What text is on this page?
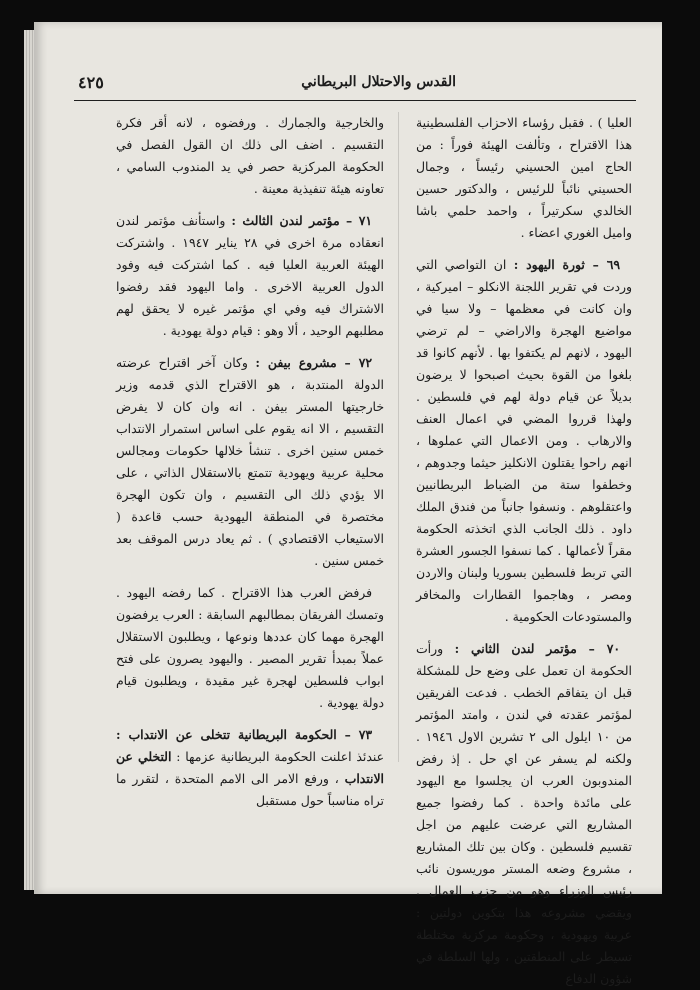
القدس والاحتلال البريطاني
٤٢٥

العليا ) . فقبل رؤساء الاحزاب الفلسطينية هذا الاقتراح ، وتألفت الهيئة فوراً : من الحاج امين الحسيني رئيساً ، وجمال الحسيني نائباً للرئيس ، والدكتور حسين الخالدي سكرتيراً ، واحمد حلمي باشا واميل الغوري اعضاء .

٦٩ – ثورة اليهود : ان التواصي التي وردت في تقرير اللجنة الانكلو – اميركية ، وان كانت في معظمها – ولا سيا في مواضيع الهجرة والاراضي – لم ترضي اليهود ، لانهم لم يكتفوا بها . لأنهم كانوا قد بلغوا من القوة بحيث اصبحوا لا يرضون بديلاً عن قيام دولة لهم في فلسطين . ولهذا قرروا المضي في اعمال العنف والارهاب . ومن الاعمال التي عملوها ، انهم راحوا يقتلون الانكليز حيثما وجدوهم ، وخطفوا ستة من الضباط البريطانيين واعتقلوهم . ونسفوا جانباً من فندق الملك داود . ذلك الجانب الذي اتخذته الحكومة مقراً لأعمالها . كما نسفوا الجسور العشرة التي تربط فلسطين بسوريا ولبنان والاردن ومصر ، وهاجموا القطارات والمخافر والمستودعات الحكومية .

٧٠ – مؤتمر لندن الثاني : ورأت الحكومة ان تعمل على وضع حل للمشكلة قبل ان يتفاقم الخطب . فدعت الفريقين لمؤتمر عقدته في لندن ، وامتد المؤتمر من ١٠ ايلول الى ٢ تشرين الاول ١٩٤٦ . ولكنه لم يسفر عن اي حل . إذ رفض المندوبون العرب ان يجلسوا مع اليهود على مائدة واحدة . كما رفضوا جميع المشاريع التي عرضت عليهم من اجل تقسيم فلسطين . وكان بين تلك المشاريع ، مشروع وضعه المستر موريسون نائب رئيس الوزراء وهو من حزب العمال . ويقضي مشروعه هذا بتكوين دولتين : عربية ويهودية ، وحكومة مركزية مختلطة تسيطر على المنطقتين ، ولها السلطة في شؤون الدفاع

والخارجية والجمارك . ورفضوه ، لانه أقر فكرة التقسيم . اضف الى ذلك ان القول الفصل في الحكومة المركزية حصر في يد المندوب السامي ، تعاونه هيئة تنفيذية معينة .

٧١ – مؤتمر لندن الثالث : واستأنف مؤتمر لندن انعقاده مرة اخرى في ٢٨ يناير ١٩٤٧ . واشتركت الهيئة العربية العليا فيه . كما اشتركت فيه وفود الدول العربية الاخرى . واما اليهود فقد رفضوا الاشتراك فيه وفي اي مؤتمر غيره لا يحقق لهم مطلبهم الوحيد ، ألا وهو : قيام دولة يهودية .

٧٢ – مشروع بيفن : وكان آخر اقتراح عرضته الدولة المنتدبة ، هو الاقتراح الذي قدمه وزير خارجيتها المستر بيفن . انه وان كان لا يفرض التقسيم ، الا انه يقوم على اساس استمرار الانتداب خمس سنين اخرى . تنشأ خلالها حكومات ومجالس محلية عربية ويهودية تتمتع بالاستقلال الذاتي ، على الا يؤدي ذلك الى التقسيم ، وان تكون الهجرة مختصرة في المنطقة اليهودية حسب قاعدة ( الاستيعاب الاقتصادي ) . ثم يعاد درس الموقف بعد خمس سنين .

فرفض العرب هذا الاقتراح . كما رفضه اليهود . وتمسك الفريقان بمطالبهم السابقة : العرب يرفضون الهجرة مهما كان عددها ونوعها ، ويطلبون الاستقلال عملاً بمبدأ تقرير المصير . واليهود يصرون على فتح ابواب فلسطين لهجرة غير مقيدة ، ويطلبون قيام دولة يهودية .

٧٣ – الحكومة البريطانية تتخلى عن الانتداب : عندئذ اعلنت الحكومة البريطانية عزمها : التخلي عن الانتداب ، ورفع الامر الى الامم المتحدة ، لتقرر ما تراه مناسباً حول مستقبل
